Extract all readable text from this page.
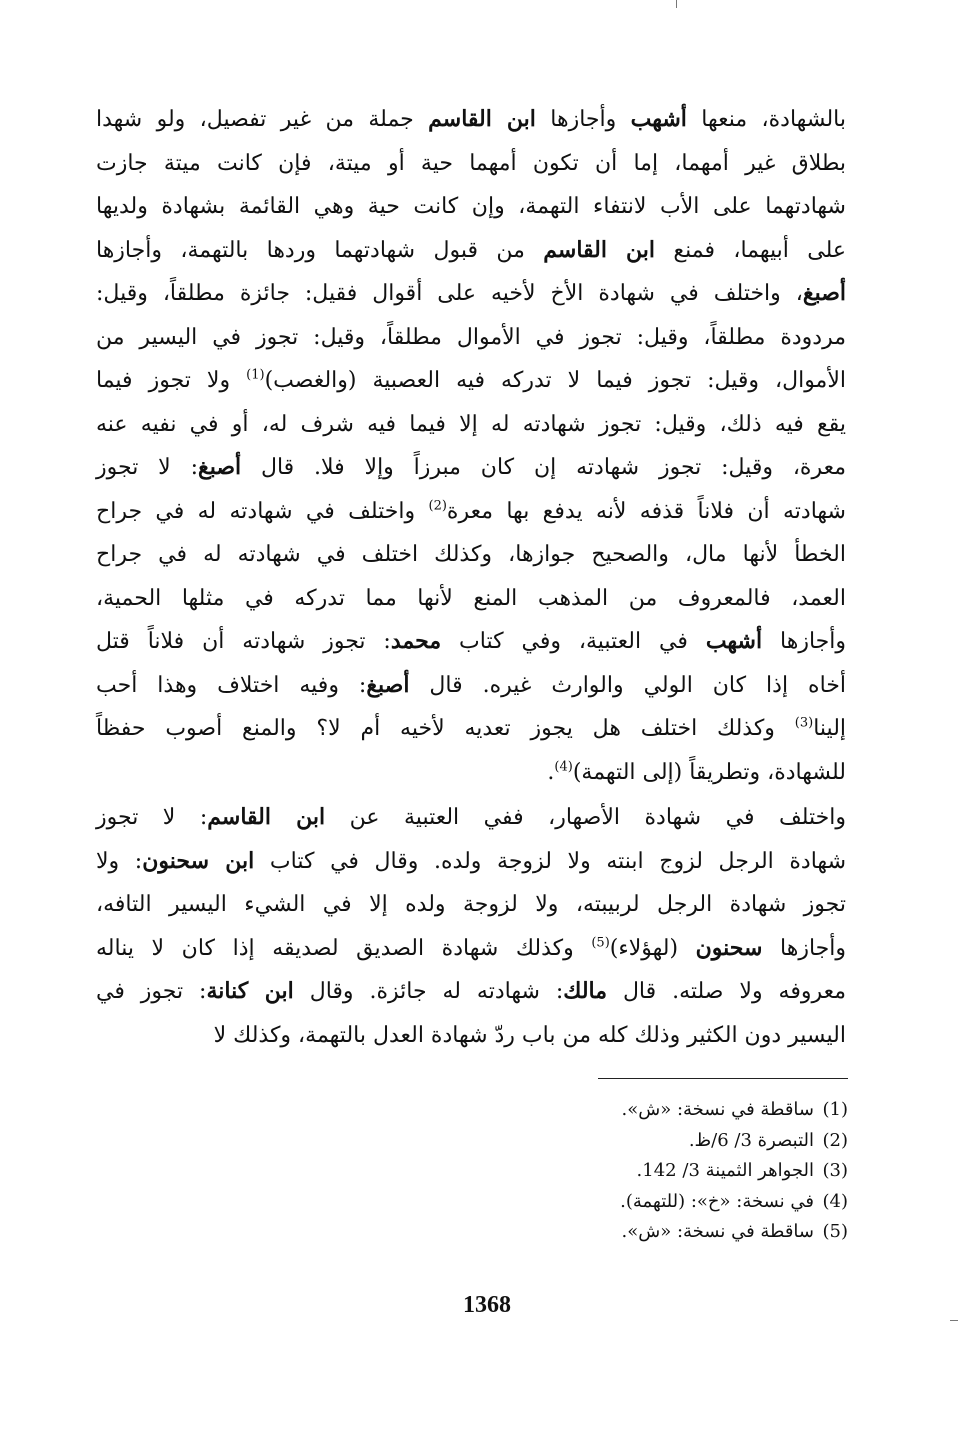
بالشهادة، منعها أشهب وأجازها ابن القاسم جملة من غير تفصيل، ولو شهدا
بطلاق غير أمهما، إما أن تكون أمهما حية أو ميتة، فإن كانت ميتة جازت
شهادتهما على الأب لانتفاء التهمة، وإن كانت حية وهي القائمة بشهادة ولديها
على أبيهما، فمنع ابن القاسم من قبول شهادتهما وردها بالتهمة، وأجازها
أصبغ، واختلف في شهادة الأخ لأخيه على أقوال فقيل: جائزة مطلقاً، وقيل:
مردودة مطلقاً، وقيل: تجوز في الأموال مطلقاً، وقيل: تجوز في اليسير من
الأموال، وقيل: تجوز فيما لا تدركه فيه العصبية (والغصب)$^{(1)}$ ولا تجوز فيما
يقع فيه ذلك، وقيل: تجوز شهادته له إلا فيما فيه شرف له، أو في نفيه عنه
معرة، وقيل: تجوز شهادته إن كان مبرزاً وإلا فلا. قال أصبغ: لا تجوز
شهادته أن فلاناً قذفه لأنه يدفع بها معرة$^{(2)}$ واختلف في شهادته له في جراح
الخطأ لأنها مال، والصحيح جوازها، وكذلك اختلف في شهادته له في جراح
العمد، فالمعروف من المذهب المنع لأنها مما تدركه في مثلها الحمية،
وأجازها أشهب في العتبية، وفي كتاب محمد: تجوز شهادته أن فلاناً قتل
أخاه إذا كان الولي والوارث غيره. قال أصبغ: وفيه اختلاف وهذا أحب
إلينا$^{(3)}$ وكذلك اختلف هل يجوز تعديه لأخيه أم لا؟ والمنع أصوب حفظاً
للشهادة، وتطريقاً (إلى التهمة)$^{(4)}$.
واختلف في شهادة الأصهار، ففي العتبية عن ابن القاسم: لا تجوز
شهادة الرجل لزوج ابنته ولا لزوجة ولده. وقال في كتاب ابن سحنون: ولا
تجوز شهادة الرجل لربيبته، ولا لزوجة ولده إلا في الشيء اليسير التافه،
وأجازها سحنون (لهؤلاء)$^{(5)}$ وكذلك شهادة الصديق لصديقه إذا كان لا يناله
معروفه ولا صلته. قال مالك: شهادته له جائزة. وقال ابن كنانة: تجوز في
اليسير دون الكثير وذلك كله من باب ردّ شهادة العدل بالتهمة، وكذلك لا
(1)ساقطة في نسخة: «ش».
(2)التبصرة 3/ 6/ظ.
(3)الجواهر الثمينة 3/ 142.
(4)في نسخة: «خ»: (للتهمة).
(5)ساقطة في نسخة: «ش».
1368
